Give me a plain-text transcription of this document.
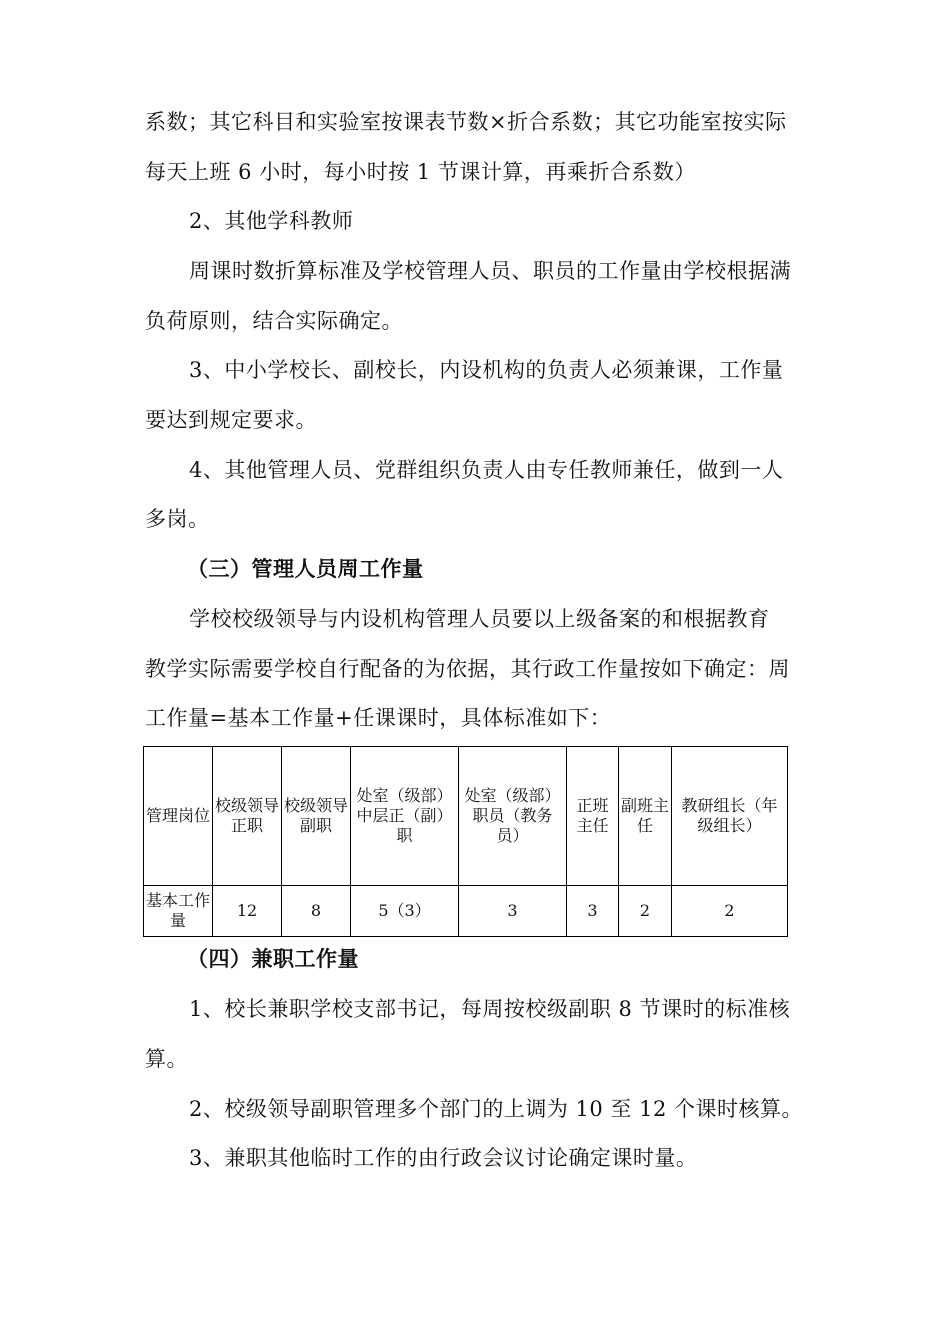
系数；其它科目和实验室按课表节数×折合系数；其它功能室按实际
每天上班 6 小时，每小时按 1 节课计算，再乘折合系数）
2、其他学科教师
周课时数折算标准及学校管理人员、职员的工作量由学校根据满
负荷原则，结合实际确定。
3、中小学校长、副校长，内设机构的负责人必须兼课，工作量
要达到规定要求。
4、其他管理人员、党群组织负责人由专任教师兼任，做到一人
多岗。
（三）管理人员周工作量
学校校级领导与内设机构管理人员要以上级备案的和根据教育
教学实际需要学校自行配备的为依据，其行政工作量按如下确定：周
工作量=基本工作量+任课课时，具体标准如下：
管理岗位	校级领导正职	校级领导副职	处室（级部）中层正（副）职	处室（级部）职员（教务员）	正班主任	副班主任	教研组长（年级组长）
基本工作量	12	8	5（3）	3	3	2	2
（四）兼职工作量
1、校长兼职学校支部书记，每周按校级副职 8 节课时的标准核
算。
2、校级领导副职管理多个部门的上调为 10 至 12 个课时核算。
3、兼职其他临时工作的由行政会议讨论确定课时量。
